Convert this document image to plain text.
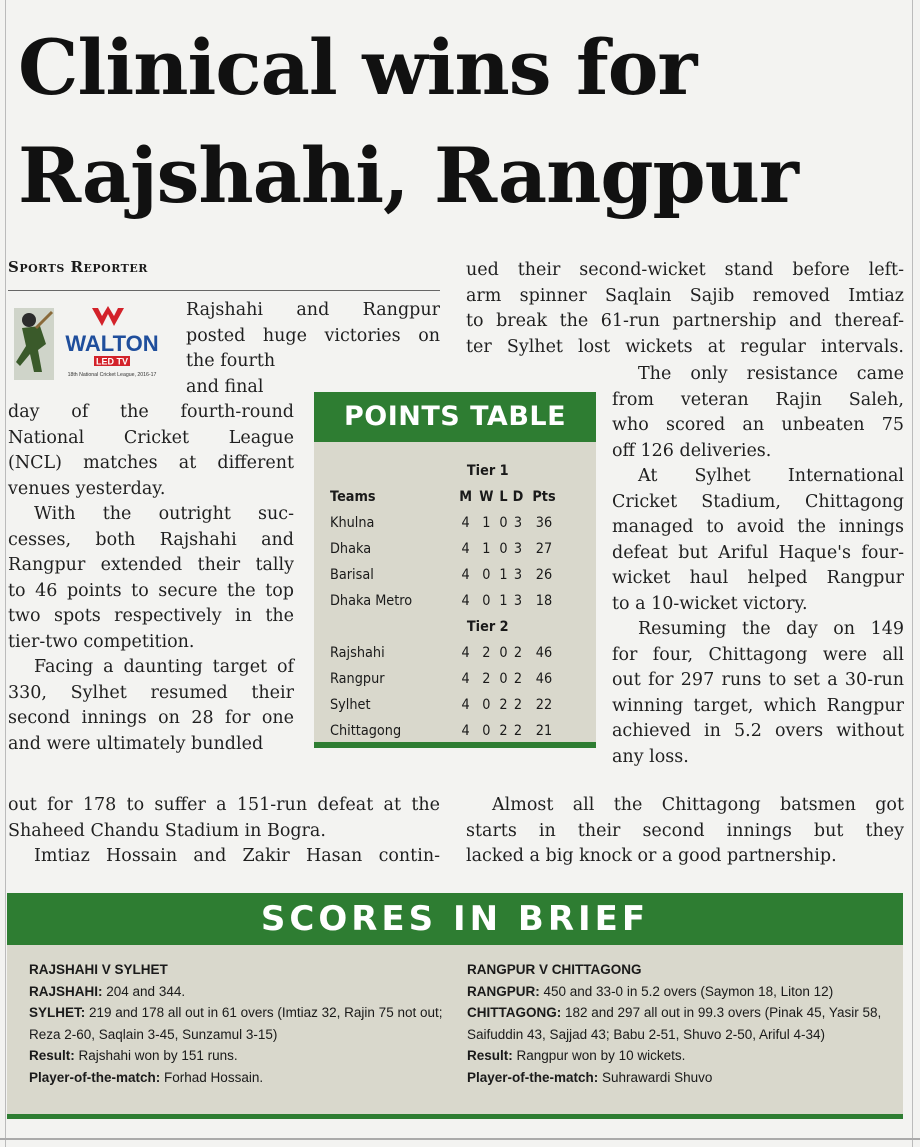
Clinical wins for
Rajshahi, Rangpur
Sports Reporter
WALTON
LED TV
18th National Cricket League, 2016-17

Rajshahi and Rangpur

posted huge victories on

the fourth

and final

day of the fourth-round

National Cricket League

(NCL) matches at different

venues yesterday.

With the outright suc-

cesses, both Rajshahi and

Rangpur extended their tally

to 46 points to secure the top

two spots respectively in the

tier-two competition.

Facing a daunting target of

330, Sylhet resumed their

second innings on 28 for one

and were ultimately bundled

out for 178 to suffer a 151-run defeat at the

Shaheed Chandu Stadium in Bogra.

Imtiaz Hossain and Zakir Hasan contin-

ued their second-wicket stand before left-

arm spinner Saqlain Sajib removed Imtiaz

to break the 61-run partnership and thereaf-

ter Sylhet lost wickets at regular intervals.

The only resistance came

from veteran Rajin Saleh,

who scored an unbeaten 75

off 126 deliveries.

At Sylhet International

Cricket Stadium, Chittagong

managed to avoid the innings

defeat but Ariful Haque's four-

wicket haul helped Rangpur

to a 10-wicket victory.

Resuming the day on 149

for four, Chittagong were all

out for 297 runs to set a 30-run

winning target, which Rangpur

achieved in 5.2 overs without

any loss.

Almost all the Chittagong batsmen got

starts in their second innings but they

lacked a big knock or a good partnership.

POINTS TABLE
	Tier 1				
Teams	M	W	L	D	Pts
Khulna	4	1	0	3	36
Dhaka	4	1	0	3	27
Barisal	4	0	1	3	26
Dhaka Metro	4	0	1	3	18
	Tier 2				
Rajshahi	4	2	0	2	46
Rangpur	4	2	0	2	46
Sylhet	4	0	2	2	22
Chittagong	4	0	2	2	21
SCORES IN BRIEF

RAJSHAHI V SYLHET

RAJSHAHI: 204 and 344.

SYLHET: 219 and 178 all out in 61 overs (Imtiaz 32, Rajin 75 not out;

Reza 2-60, Saqlain 3-45, Sunzamul 3-15)

Result: Rajshahi won by 151 runs.

Player-of-the-match: Forhad Hossain.

RANGPUR V CHITTAGONG

RANGPUR: 450 and 33-0 in 5.2 overs (Saymon 18, Liton 12)

CHITTAGONG: 182 and 297 all out in 99.3 overs (Pinak 45, Yasir 58,

Saifuddin 43, Sajjad 43; Babu 2-51, Shuvo 2-50, Ariful 4-34)

Result: Rangpur won by 10 wickets.

Player-of-the-match: Suhrawardi Shuvo
